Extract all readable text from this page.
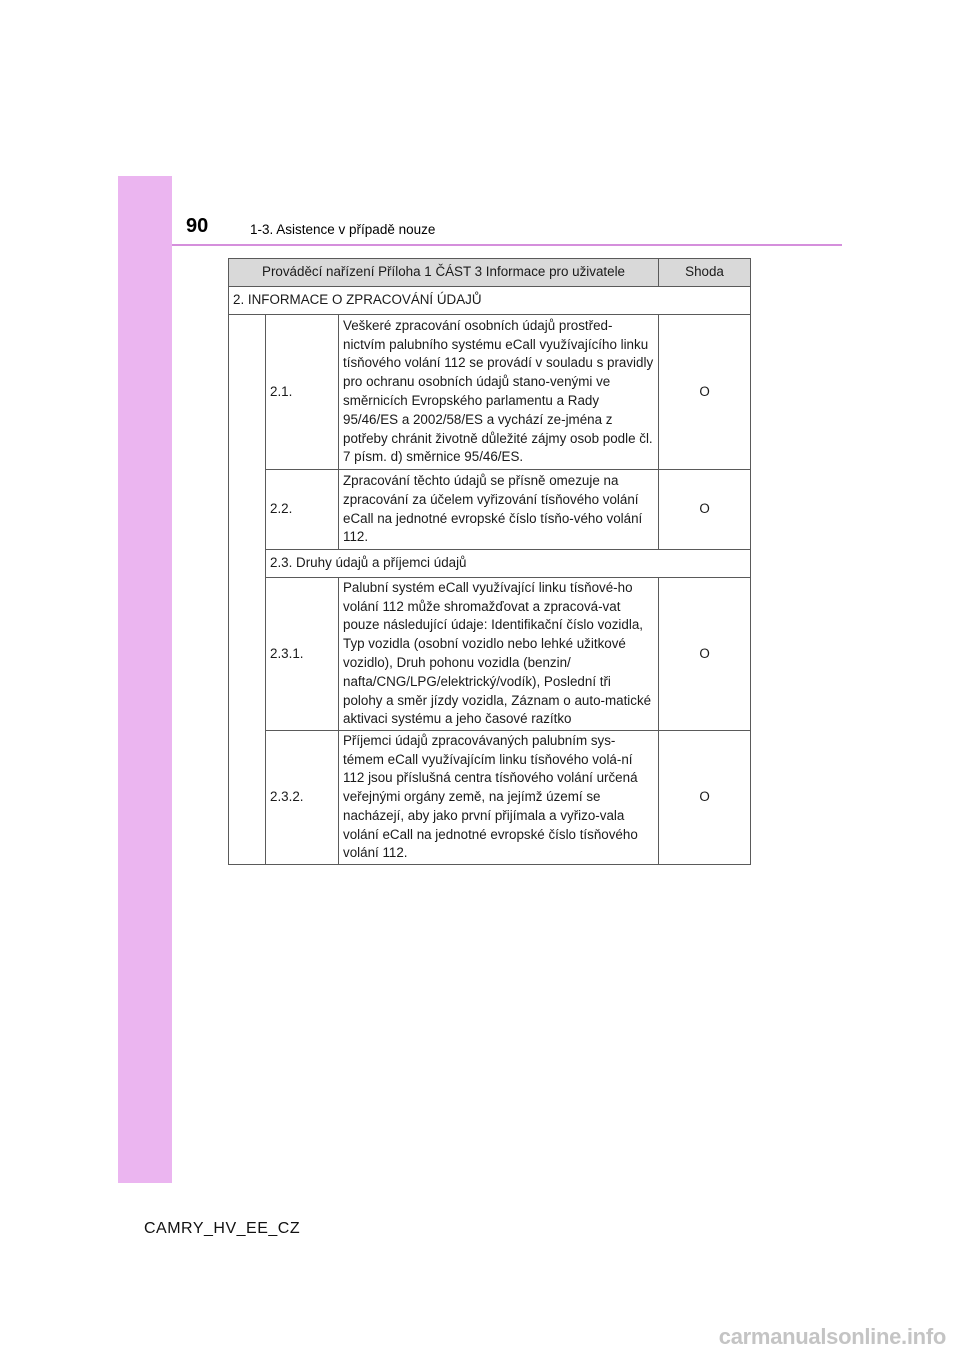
90	1-3. Asistence v případě nouze
Prováděcí nařízení Příloha 1 ČÁST 3 Informace pro uživatele			Shoda
2. INFORMACE O ZPRACOVÁNÍ ÚDAJŮ			
	2.1.	Veškeré zpracování osobních údajů prostřed-nictvím palubního systému eCall využívajícího linku tísňového volání 112 se provádí v souladu s pravidly pro ochranu osobních údajů stano-venými ve směrnicích Evropského parlamentu a Rady 95/46/ES a 2002/58/ES a vychází ze-jména z potřeby chránit životně důležité zájmy osob podle čl. 7 písm. d) směrnice 95/46/ES.	O
	2.2.	Zpracování těchto údajů se přísně omezuje na zpracování za účelem vyřizování tísňového volání eCall na jednotné evropské číslo tísňo-vého volání 112.	O
	2.3. Druhy údajů a příjemci údajů		
	2.3.1.	Palubní systém eCall využívající linku tísňové-ho volání 112 může shromažďovat a zpracová-vat pouze následující údaje: Identifikační číslo vozidla, Typ vozidla (osobní vozidlo nebo lehké užitkové vozidlo), Druh pohonu vozidla (benzin/ nafta/CNG/LPG/elektrický/vodík), Poslední tři polohy a směr jízdy vozidla, Záznam o auto-matické aktivaci systému a jeho časové razítko	O
	2.3.2.	Příjemci údajů zpracovávaných palubním sys-témem eCall využívajícím linku tísňového volá-ní 112 jsou příslušná centra tísňového volání určená veřejnými orgány země, na jejímž území se nacházejí, aby jako první přijímala a vyřizo-vala volání eCall na jednotné evropské číslo tísňového volání 112.	O
CAMRY_HV_EE_CZ
carmanualsonline.info
